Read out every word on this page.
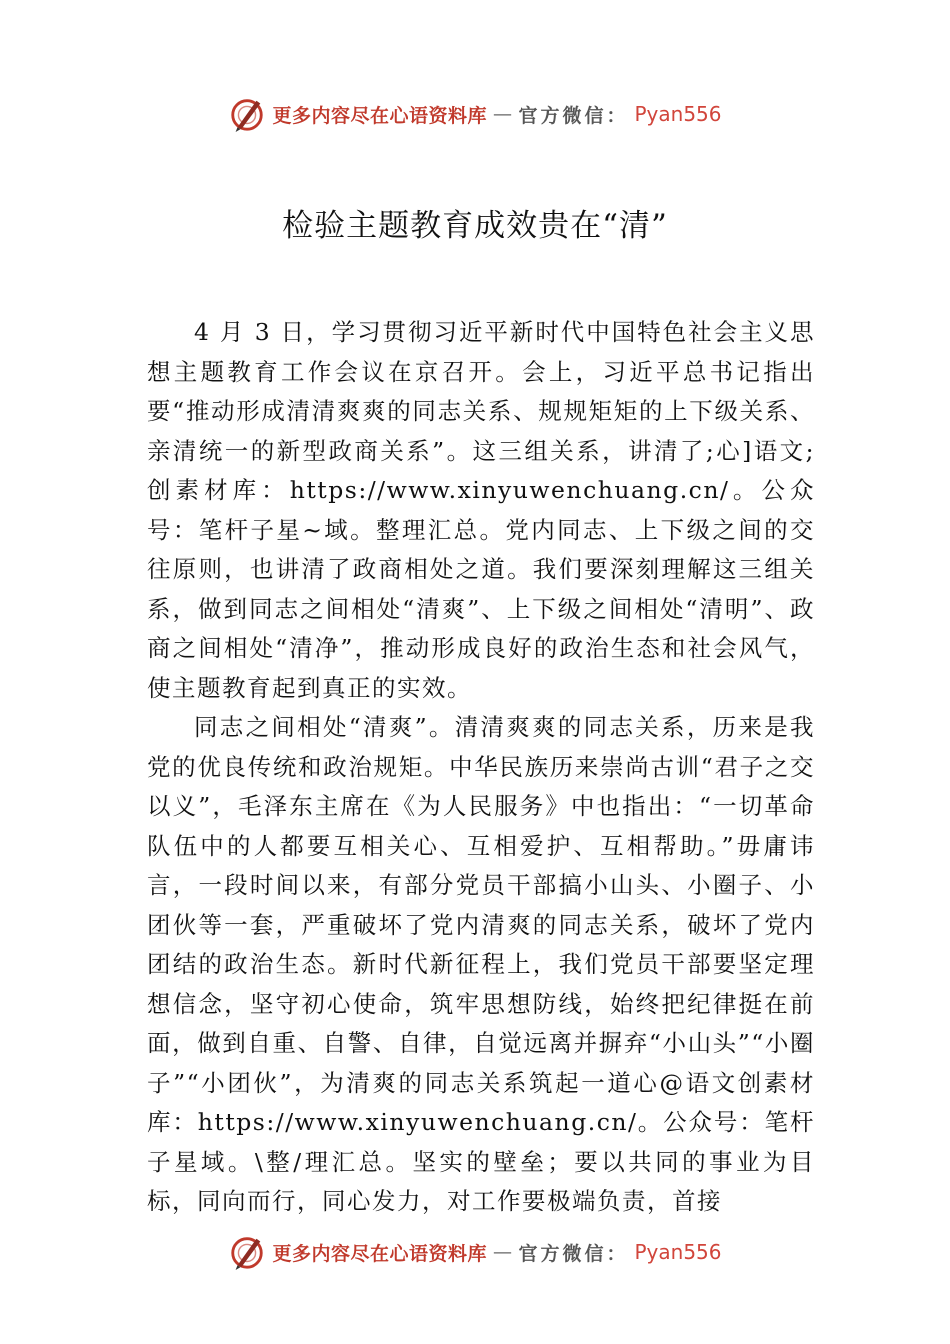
更多内容尽在心语资料库 — 官方微信： Pyan556
检验主题教育成效贵在“清”

4 月 3 日，学习贯彻习近平新时代中国特色社会主义思想主题教育工作会议在京召开。会上，习近平总书记指出要“推动形成清清爽爽的同志关系、规规矩矩的上下级关系、 亲清统一的新型政商关系”。这三组关系，讲清了;心]语文;创素材库：https://www.xinyuwenchuang.cn/。公众号：笔杆子星~域。整理汇总。党内同志、上下级之间的交往原则，也讲清了政商相处之道。我们要深刻理解这三组关系，做到同志之间相处“清爽”、上下级之间相处“清明”、政商之间相处“清净”，推动形成良好的政治生态和社会风气，使主题教育起到真正的实效。

同志之间相处“清爽”。清清爽爽的同志关系，历来是我党的优良传统和政治规矩。中华民族历来崇尚古训“君子之交以义”，毛泽东主席在《为人民服务》中也指出：“一切革命队伍中的人都要互相关心、互相爱护、互相帮助。”毋庸讳言，一段时间以来，有部分党员干部搞小山头、小圈子、小团伙等一套，严重破坏了党内清爽的同志关系，破坏了党内团结的政治生态。新时代新征程上，我们党员干部要坚定理想信念，坚守初心使命，筑牢思想防线，始终把纪律挺在前面，做到自重、自警、自律，自觉远离并摒弃“小山头”“小圈子”“小团伙”，为清爽的同志关系筑起一道心@语文创素材库：https://www.xinyuwenchuang.cn/。公众号：笔杆子星域。\整/理汇总。坚实的壁垒；要以共同的事业为目标，同向而行，同心发力，对工作要极端负责，首接

更多内容尽在心语资料库 — 官方微信： Pyan556
